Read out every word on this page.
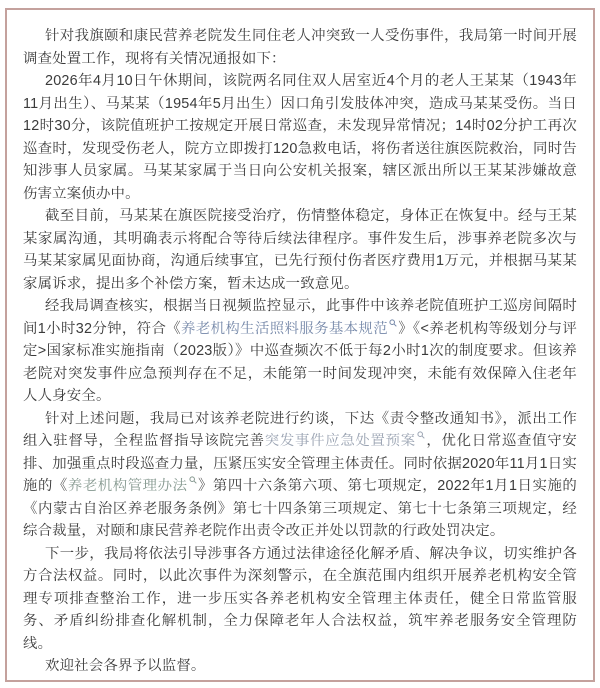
针对我旗颐和康民营养老院发生同住老人冲突致一人受伤事件，我局第一时间开展调查处置工作，现将有关情况通报如下：

2026年4月10日午休期间，该院两名同住双人居室近4个月的老人王某某（1943年11月出生）、马某某（1954年5月出生）因口角引发肢体冲突，造成马某某受伤。当日12时30分，该院值班护工按规定开展日常巡查，未发现异常情况；14时02分护工再次巡查时，发现受伤老人，院方立即拨打120急救电话，将伤者送往旗医院救治，同时告知涉事人员家属。马某某家属于当日向公安机关报案，辖区派出所以王某某涉嫌故意伤害立案侦办中。

截至目前，马某某在旗医院接受治疗，伤情整体稳定，身体正在恢复中。经与王某某家属沟通，其明确表示将配合等待后续法律程序。事件发生后，涉事养老院多次与马某某家属见面协商，沟通后续事宜，已先行预付伤者医疗费用1万元，并根据马某某家属诉求，提出多个补偿方案，暂未达成一致意见。

经我局调查核实，根据当日视频监控显示，此事件中该养老院值班护工巡房间隔时间1小时32分钟，符合《养老机构生活照料服务基本规范 》《<养老机构等级划分与评定>国家标准实施指南（2023版）》中巡查频次不低于每2小时1次的制度要求。但该养老院对突发事件应急预判存在不足，未能第一时间发现冲突，未能有效保障入住老年人人身安全。

针对上述问题，我局已对该养老院进行约谈，下达《责令整改通知书》，派出工作组入驻督导，全程监督指导该院完善突发事件应急处置预案 ，优化日常巡查值守安排、加强重点时段巡查力量，压紧压实安全管理主体责任。同时依据2020年11月1日实施的《养老机构管理办法 》第四十六条第六项、第七项规定，2022年1月1日实施的《内蒙古自治区养老服务条例》第七十四条第三项规定、第七十七条第三项规定，经综合裁量，对颐和康民营养老院作出责令改正并处以罚款的行政处罚决定。

下一步，我局将依法引导涉事各方通过法律途径化解矛盾、解决争议，切实维护各方合法权益。同时，以此次事件为深刻警示，在全旗范围内组织开展养老机构安全管理专项排查整治工作，进一步压实各养老机构安全管理主体责任，健全日常监管服务、矛盾纠纷排查化解机制，全力保障老年人合法权益，筑牢养老服务安全管理防线。

欢迎社会各界予以监督。
